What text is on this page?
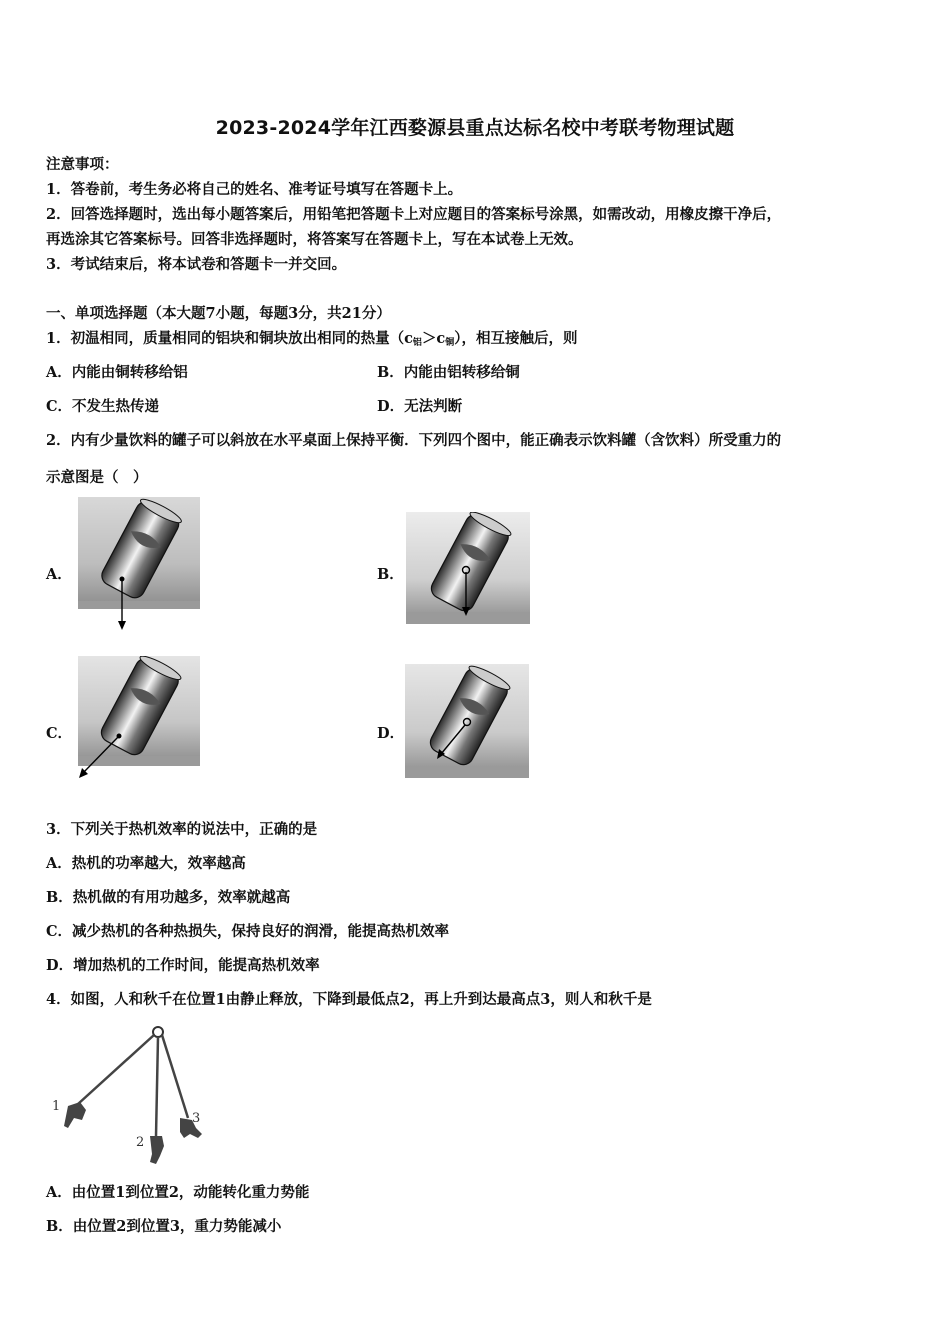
2023-2024学年江西婺源县重点达标名校中考联考物理试题
注意事项：
1．答卷前，考生务必将自己的姓名、准考证号填写在答题卡上。
2．回答选择题时，选出每小题答案后，用铅笔把答题卡上对应题目的答案标号涂黑，如需改动，用橡皮擦干净后，
再选涂其它答案标号。回答非选择题时，将答案写在答题卡上，写在本试卷上无效。
3．考试结束后，将本试卷和答题卡一并交回。
一、单项选择题（本大题7小题，每题3分，共21分）
1．初温相同，质量相同的铝块和铜块放出相同的热量$(c_铝>c_铜)$，相互接触后，则
A．内能由铜转移给铝	B．内能由铝转移给铜
C．不发生热传递	D．无法判断
2．内有少量饮料的罐子可以斜放在水平桌面上保持平衡．下列四个图中，能正确表示饮料罐（含饮料）所受重力的
示意图是（　）
A．	B．
C．	D．
3．下列关于热机效率的说法中，正确的是
A．热机的功率越大，效率越高
B．热机做的有用功越多，效率就越高
C．减少热机的各种热损失，保持良好的润滑，能提高热机效率
D．增加热机的工作时间，能提高热机效率
4．如图，人和秋千在位置1由静止释放，下降到最低点2，再上升到达最高点3，则人和秋千是
1
2
3
A．由位置1到位置2，动能转化重力势能
B．由位置2到位置3，重力势能减小
